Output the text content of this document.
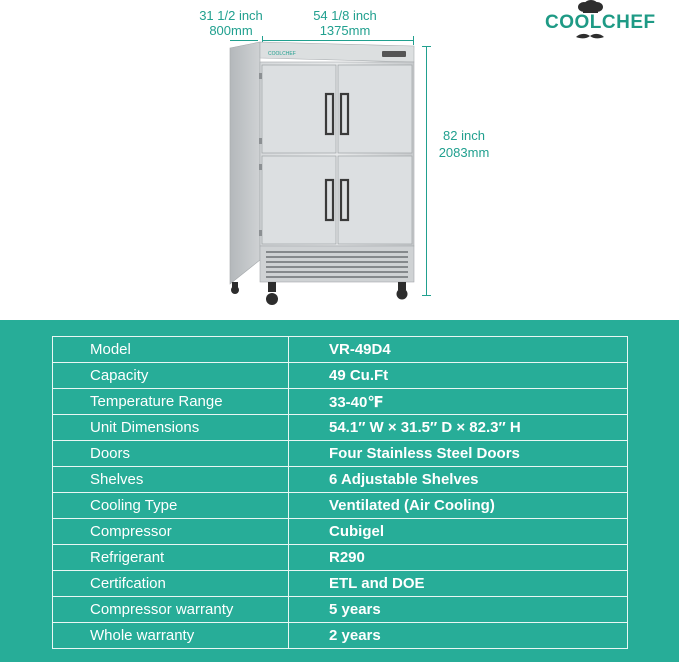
31 1/2 inch
800mm
54 1/8 inch
1375mm
82 inch
2083mm
COOLCHEF
COOLCHEF
Model	VR-49D4
Capacity	49 Cu.Ft
Temperature Range	33-40℉
Unit Dimensions	54.1″ W × 31.5″ D × 82.3″ H
Doors	Four Stainless Steel Doors
Shelves	6 Adjustable Shelves
Cooling Type	Ventilated (Air Cooling)
Compressor	Cubigel
Refrigerant	R290
Certifcation	ETL and DOE
Compressor warranty	5 years
Whole warranty	2 years
